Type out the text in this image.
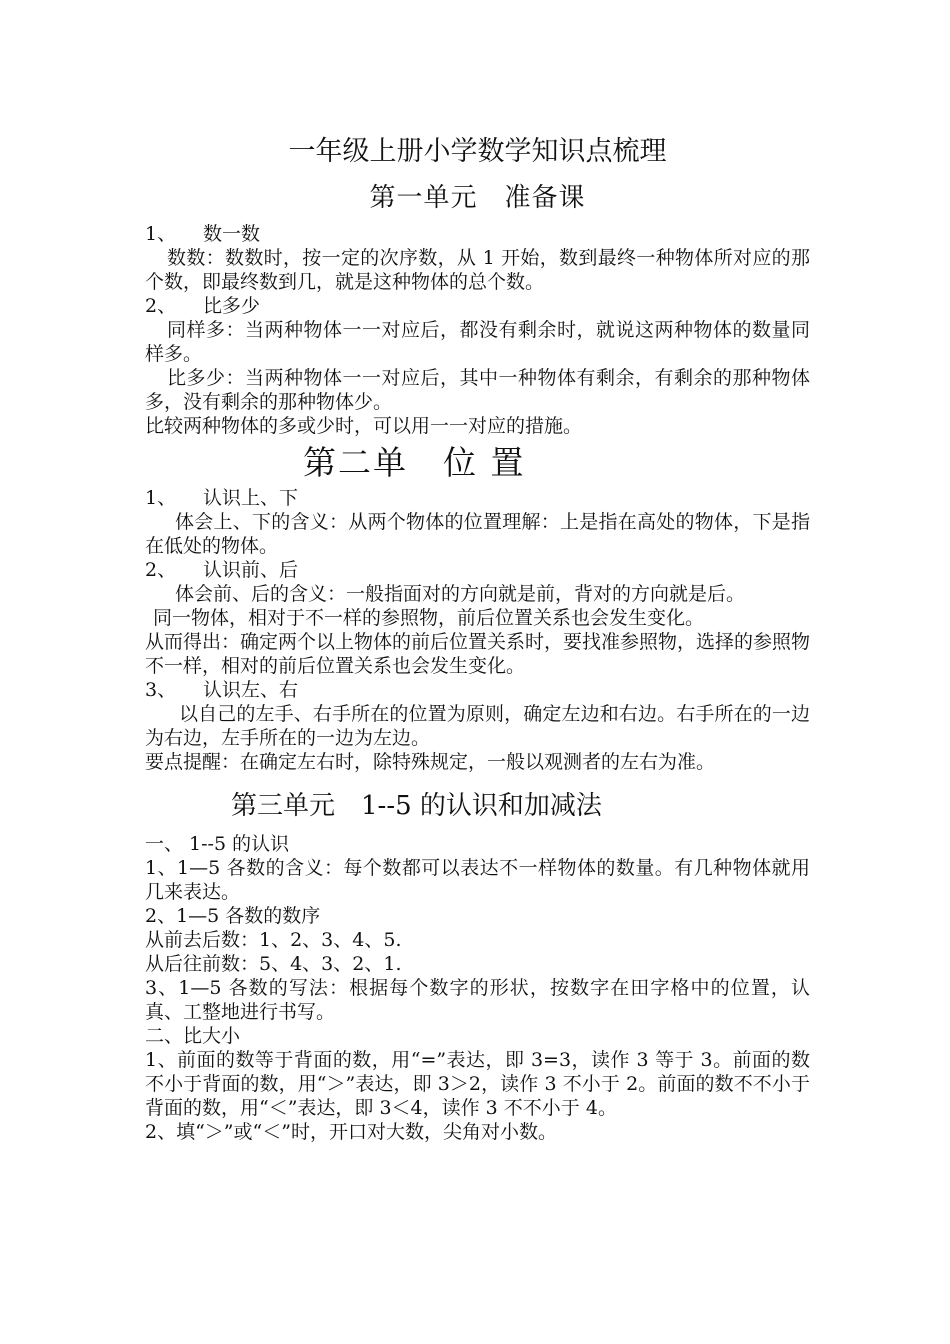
一年级上册小学数学知识点梳理
第一单元　准备课

1、 数一数

数数：数数时，按一定的次序数，从 1 开始，数到最终一种物体所对应的那个数，即最终数到几，就是这种物体的总个数。

2、 比多少

同样多：当两种物体一一对应后，都没有剩余时，就说这两种物体的数量同样多。

比多少：当两种物体一一对应后，其中一种物体有剩余，有剩余的那种物体多，没有剩余的那种物体少。

比较两种物体的多或少时，可以用一一对应的措施。

第二单　位 置

1、 认识上、下

体会上、下的含义：从两个物体的位置理解：上是指在高处的物体，下是指在低处的物体。

2、 认识前、后

体会前、后的含义：一般指面对的方向就是前，背对的方向就是后。

同一物体，相对于不一样的参照物，前后位置关系也会发生变化。

从而得出：确定两个以上物体的前后位置关系时，要找准参照物，选择的参照物不一样，相对的前后位置关系也会发生变化。

3、 认识左、右

以自己的左手、右手所在的位置为原则，确定左边和右边。右手所在的一边为右边，左手所在的一边为左边。

要点提醒：在确定左右时，除特殊规定，一般以观测者的左右为准。

第三单元　1--5 的认识和加减法

一、 1--5 的认识

1、1—5 各数的含义：每个数都可以表达不一样物体的数量。有几种物体就用几来表达。

2、1—5 各数的数序

从前去后数：1、2、3、4、5.

从后往前数：5、4、3、2、1.

3、1—5 各数的写法：根据每个数字的形状，按数字在田字格中的位置，认真、工整地进行书写。

二、比大小

1、前面的数等于背面的数，用“=”表达，即 3=3，读作 3 等于 3。前面的数不小于背面的数，用“＞”表达，即 3＞2，读作 3 不小于 2。前面的数不不小于背面的数，用“＜”表达，即 3＜4，读作 3 不不小于 4。

2、填“＞”或“＜”时，开口对大数，尖角对小数。
